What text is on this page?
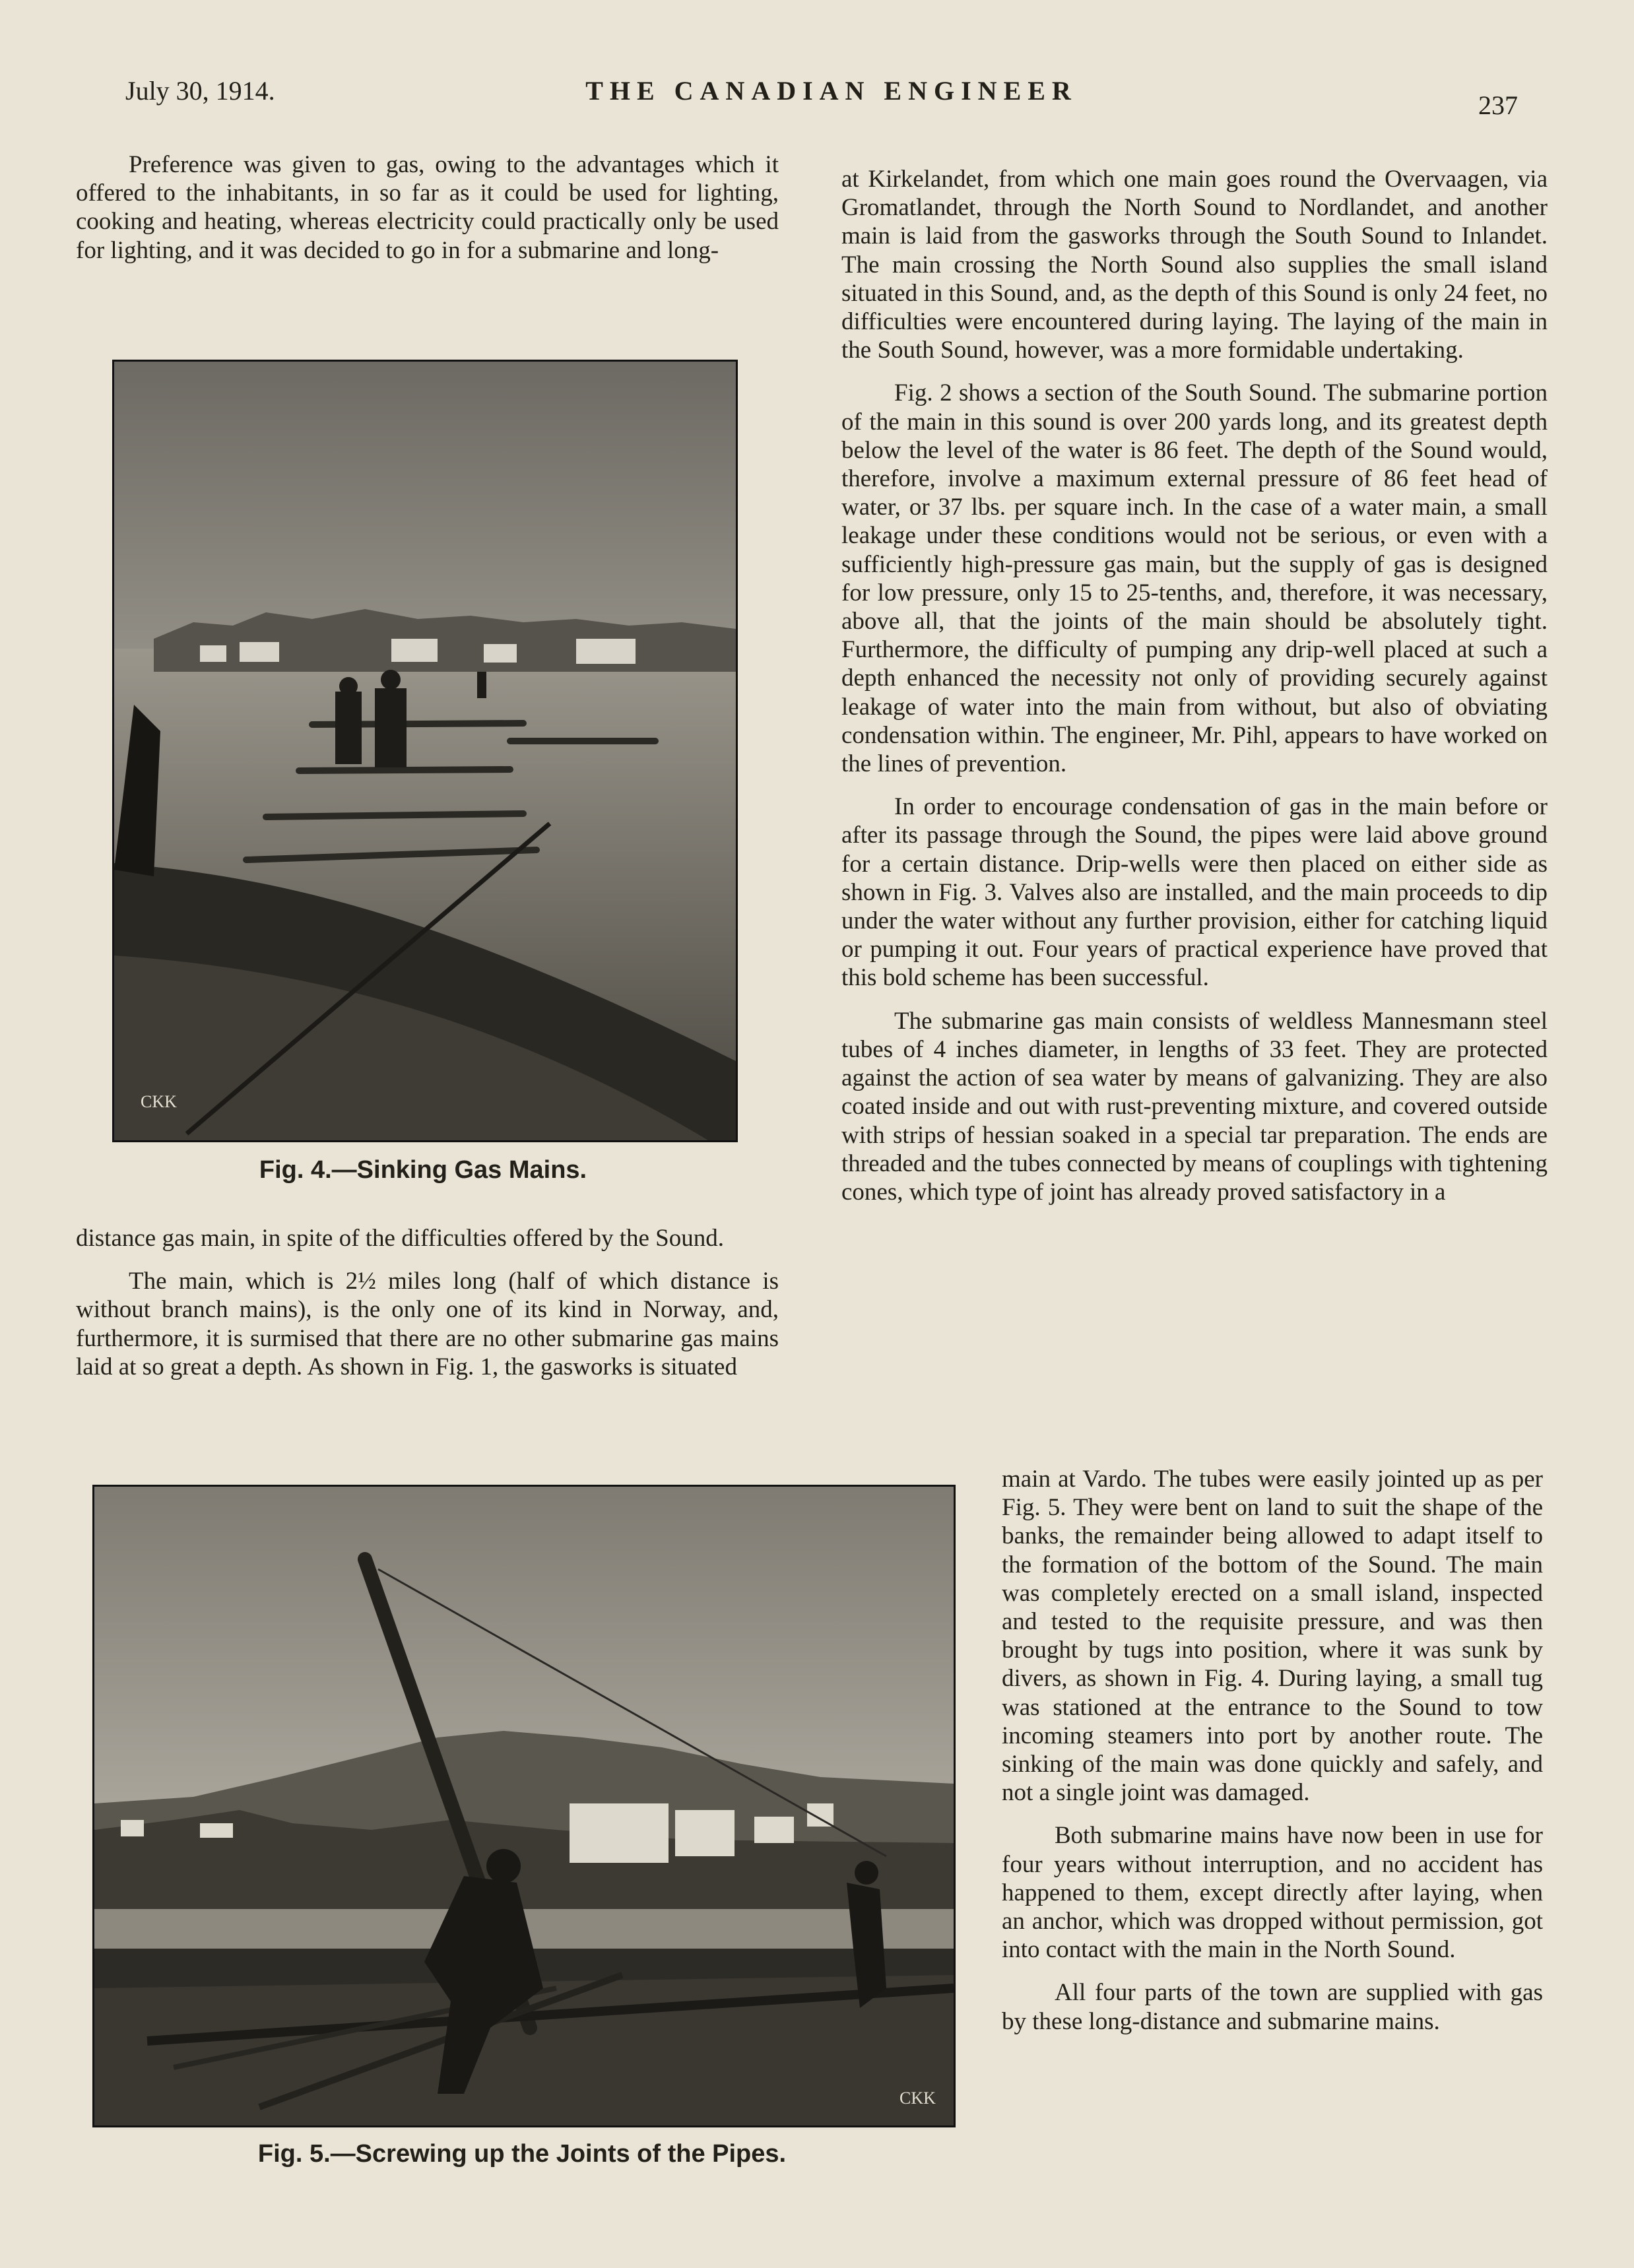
July 30, 1914.	THE CANADIAN ENGINEER	237

Preference was given to gas, owing to the advantages which it offered to the inhabitants, in so far as it could be used for lighting, cooking and heating, whereas electricity could practically only be used for lighting, and it was decided to go in for a submarine and long-

CKK
Fig. 4.—Sinking Gas Mains.

distance gas main, in spite of the difficulties offered by the Sound.

The main, which is 2½ miles long (half of which distance is without branch mains), is the only one of its kind in Norway, and, furthermore, it is surmised that there are no other submarine gas mains laid at so great a depth. As shown in Fig. 1, the gasworks is situated

CKK
Fig. 5.—Screwing up the Joints of the Pipes.

at Kirkelandet, from which one main goes round the Overvaagen, via Gromatlandet, through the North Sound to Nordlandet, and another main is laid from the gasworks through the South Sound to Inlandet. The main crossing the North Sound also supplies the small island situated in this Sound, and, as the depth of this Sound is only 24 feet, no difficulties were encountered during laying. The laying of the main in the South Sound, however, was a more formidable undertaking.

Fig. 2 shows a section of the South Sound. The submarine portion of the main in this sound is over 200 yards long, and its greatest depth below the level of the water is 86 feet. The depth of the Sound would, therefore, involve a maximum external pressure of 86 feet head of water, or 37 lbs. per square inch. In the case of a water main, a small leakage under these conditions would not be serious, or even with a sufficiently high-pressure gas main, but the supply of gas is designed for low pressure, only 15 to 25-tenths, and, therefore, it was necessary, above all, that the joints of the main should be absolutely tight. Furthermore, the difficulty of pumping any drip-well placed at such a depth enhanced the necessity not only of providing securely against leakage of water into the main from without, but also of obviating condensation within. The engineer, Mr. Pihl, appears to have worked on the lines of prevention.

In order to encourage condensation of gas in the main before or after its passage through the Sound, the pipes were laid above ground for a certain distance. Drip-wells were then placed on either side as shown in Fig. 3. Valves also are installed, and the main proceeds to dip under the water without any further provision, either for catching liquid or pumping it out. Four years of practical experience have proved that this bold scheme has been successful.

The submarine gas main consists of weldless Mannesmann steel tubes of 4 inches diameter, in lengths of 33 feet. They are protected against the action of sea water by means of galvanizing. They are also coated inside and out with rust-preventing mixture, and covered outside with strips of hessian soaked in a special tar preparation. The ends are threaded and the tubes connected by means of couplings with tightening cones, which type of joint has already proved satisfactory in a

main at Vardo. The tubes were easily jointed up as per Fig. 5. They were bent on land to suit the shape of the banks, the remainder being allowed to adapt itself to the formation of the bottom of the Sound. The main was completely erected on a small island, inspected and tested to the requisite pressure, and was then brought by tugs into position, where it was sunk by divers, as shown in Fig. 4. During laying, a small tug was stationed at the entrance to the Sound to tow incoming steamers into port by another route. The sinking of the main was done quickly and safely, and not a single joint was damaged.

Both submarine mains have now been in use for four years without interruption, and no accident has happened to them, except directly after laying, when an anchor, which was dropped without permission, got into contact with the main in the North Sound.

All four parts of the town are supplied with gas by these long-distance and submarine mains.
